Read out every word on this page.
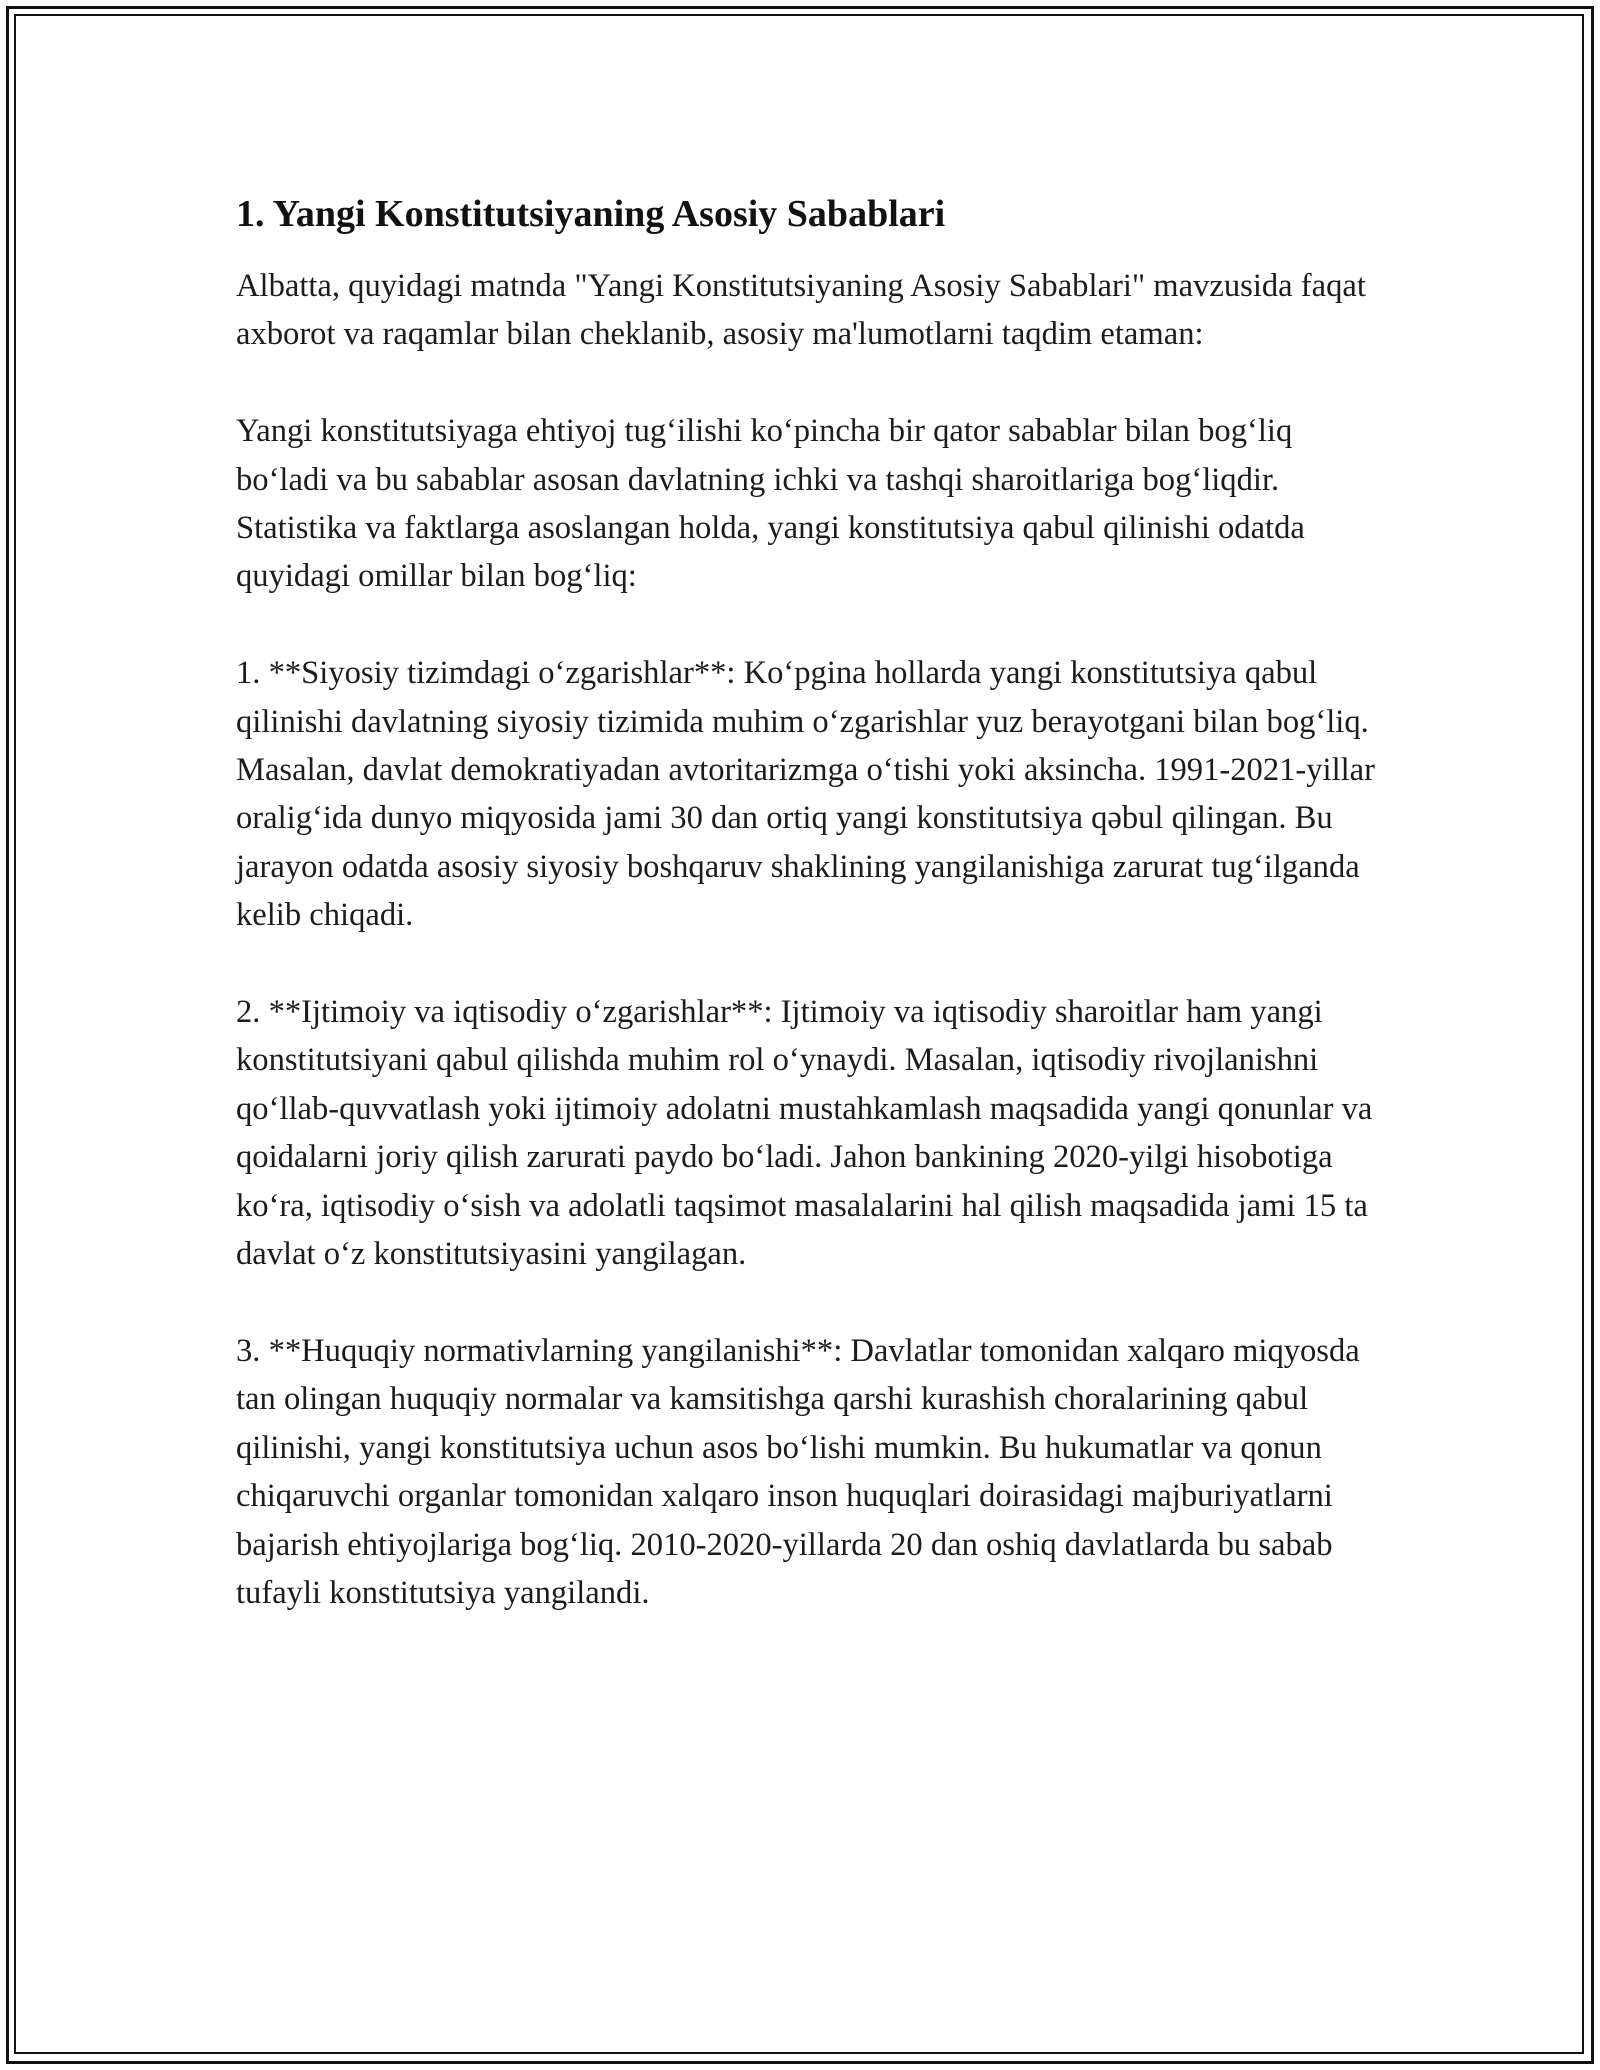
1. Yangi Konstitutsiyaning Asosiy Sabablari

Albatta, quyidagi matnda "Yangi Konstitutsiyaning Asosiy Sabablari" mavzusida faqat axborot va raqamlar bilan cheklanib, asosiy ma'lumotlarni taqdim etaman:

Yangi konstitutsiyaga ehtiyoj tug‘ilishi ko‘pincha bir qator sabablar bilan bog‘liq bo‘ladi va bu sabablar asosan davlatning ichki va tashqi sharoitlariga bog‘liqdir. Statistika va faktlarga asoslangan holda, yangi konstitutsiya qabul qilinishi odatda quyidagi omillar bilan bog‘liq:

1. **Siyosiy tizimdagi o‘zgarishlar**: Ko‘pgina hollarda yangi konstitutsiya qabul qilinishi davlatning siyosiy tizimida muhim o‘zgarishlar yuz berayotgani bilan bog‘liq. Masalan, davlat demokratiyadan avtoritarizmga o‘tishi yoki aksincha. 1991-2021-yillar oralig‘ida dunyo miqyosida jami 30 dan ortiq yangi konstitutsiya qəbul qilingan. Bu jarayon odatda asosiy siyosiy boshqaruv shaklining yangilanishiga zarurat tug‘ilganda kelib chiqadi.

2. **Ijtimoiy va iqtisodiy o‘zgarishlar**: Ijtimoiy va iqtisodiy sharoitlar ham yangi konstitutsiyani qabul qilishda muhim rol o‘ynaydi. Masalan, iqtisodiy rivojlanishni qo‘llab-quvvatlash yoki ijtimoiy adolatni mustahkamlash maqsadida yangi qonunlar va qoidalarni joriy qilish zarurati paydo bo‘ladi. Jahon bankining 2020-yilgi hisobotiga ko‘ra, iqtisodiy o‘sish va adolatli taqsimot masalalarini hal qilish maqsadida jami 15 ta davlat o‘z konstitutsiyasini yangilagan.

3. **Huquqiy normativlarning yangilanishi**: Davlatlar tomonidan xalqaro miqyosda tan olingan huquqiy normalar va kamsitishga qarshi kurashish choralarining qabul qilinishi, yangi konstitutsiya uchun asos bo‘lishi mumkin. Bu hukumatlar va qonun chiqaruvchi organlar tomonidan xalqaro inson huquqlari doirasidagi majburiyatlarni bajarish ehtiyojlariga bog‘liq. 2010-2020-yillarda 20 dan oshiq davlatlarda bu sabab tufayli konstitutsiya yangilandi.
